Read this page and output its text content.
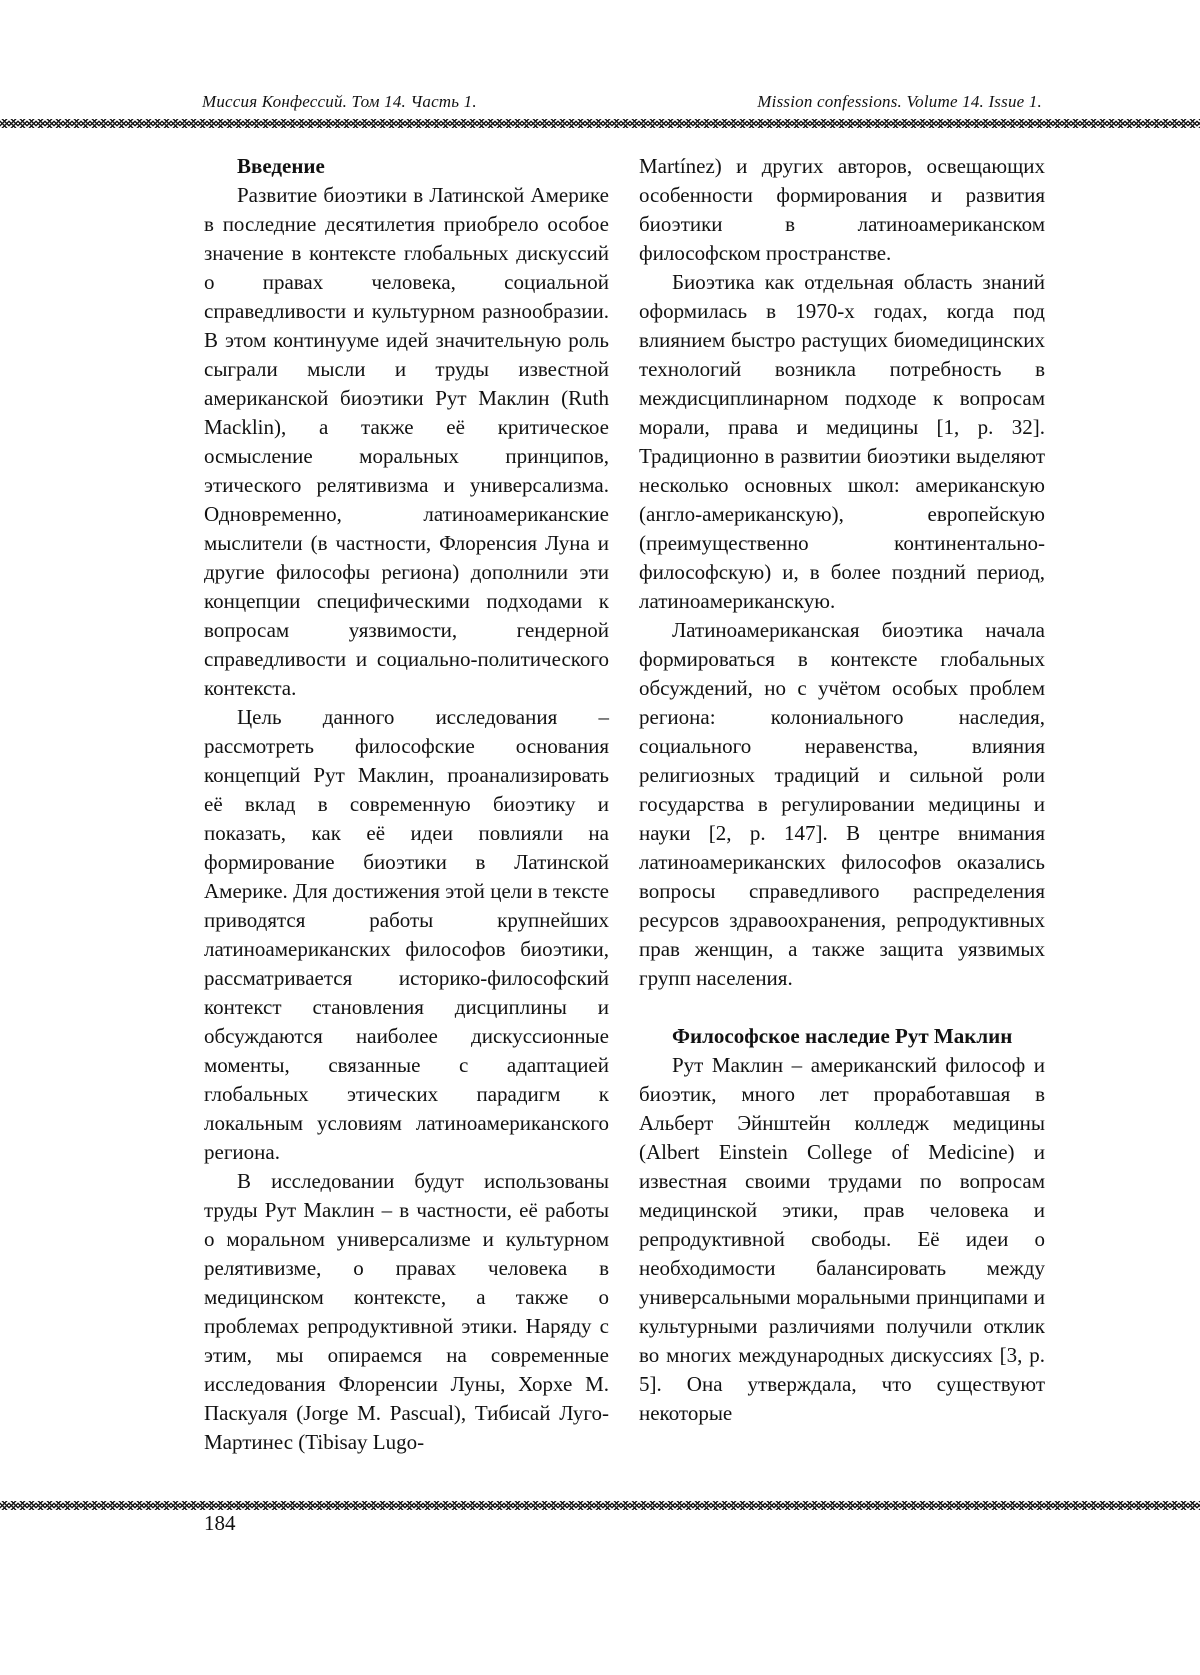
Миссия Конфессий. Том 14. Часть 1.	Mission confessions. Volume 14. Issue 1.
Введение

Развитие биоэтики в Латинской Америке в последние десятилетия приобрело особое значение в контексте глобальных дискуссий о правах человека, социальной справедливости и культурном разнообразии. В этом континууме идей значительную роль сыграли мысли и труды известной американской биоэтики Рут Маклин (Ruth Macklin), а также её критическое осмысление моральных принципов, этического релятивизма и универсализма. Одновременно, латиноамериканские мыслители (в частности, Флоренсия Луна и другие философы региона) дополнили эти концепции специфическими подходами к вопросам уязвимости, гендерной справедливости и социально-политического контекста.

Цель данного исследования – рассмотреть философские основания концепций Рут Маклин, проанализировать её вклад в современную биоэтику и показать, как её идеи повлияли на формирование биоэтики в Латинской Америке. Для достижения этой цели в тексте приводятся работы крупнейших латиноамериканских философов биоэтики, рассматривается историко-философский контекст становления дисциплины и обсуждаются наиболее дискуссионные моменты, связанные с адаптацией глобальных этических парадигм к локальным условиям латиноамериканского региона.

В исследовании будут использованы труды Рут Маклин – в частности, её работы о моральном универсализме и культурном релятивизме, о правах человека в медицинском контексте, а также о проблемах репродуктивной этики. Наряду с этим, мы опираемся на современные исследования Флоренсии Луны, Хорхе М. Паскуаля (Jorge M. Pascual), Тибисай Луго-Мартинес (Tibisay Lugo-

Martínez) и других авторов, освещающих особенности формирования и развития биоэтики в латиноамериканском философском пространстве.

Биоэтика как отдельная область знаний оформилась в 1970-х годах, когда под влиянием быстро растущих биомедицинских технологий возникла потребность в междисциплинарном подходе к вопросам морали, права и медицины [1, p. 32]. Традиционно в развитии биоэтики выделяют несколько основных школ: американскую (англо-американскую), европейскую (преимущественно континентально-философскую) и, в более поздний период, латиноамериканскую.

Латиноамериканская биоэтика начала формироваться в контексте глобальных обсуждений, но с учётом особых проблем региона: колониального наследия, социального неравенства, влияния религиозных традиций и сильной роли государства в регулировании медицины и науки [2, p. 147]. В центре внимания латиноамериканских философов оказались вопросы справедливого распределения ресурсов здравоохранения, репродуктивных прав женщин, а также защита уязвимых групп населения.

Философское наследие Рут Маклин

Рут Маклин – американский философ и биоэтик, много лет проработавшая в Альберт Эйнштейн колледж медицины (Albert Einstein College of Medicine) и известная своими трудами по вопросам медицинской этики, прав человека и репродуктивной свободы. Её идеи о необходимости балансировать между универсальными моральными принципами и культурными различиями получили отклик во многих международных дискуссиях [3, p. 5]. Она утверждала, что существуют некоторые

184
